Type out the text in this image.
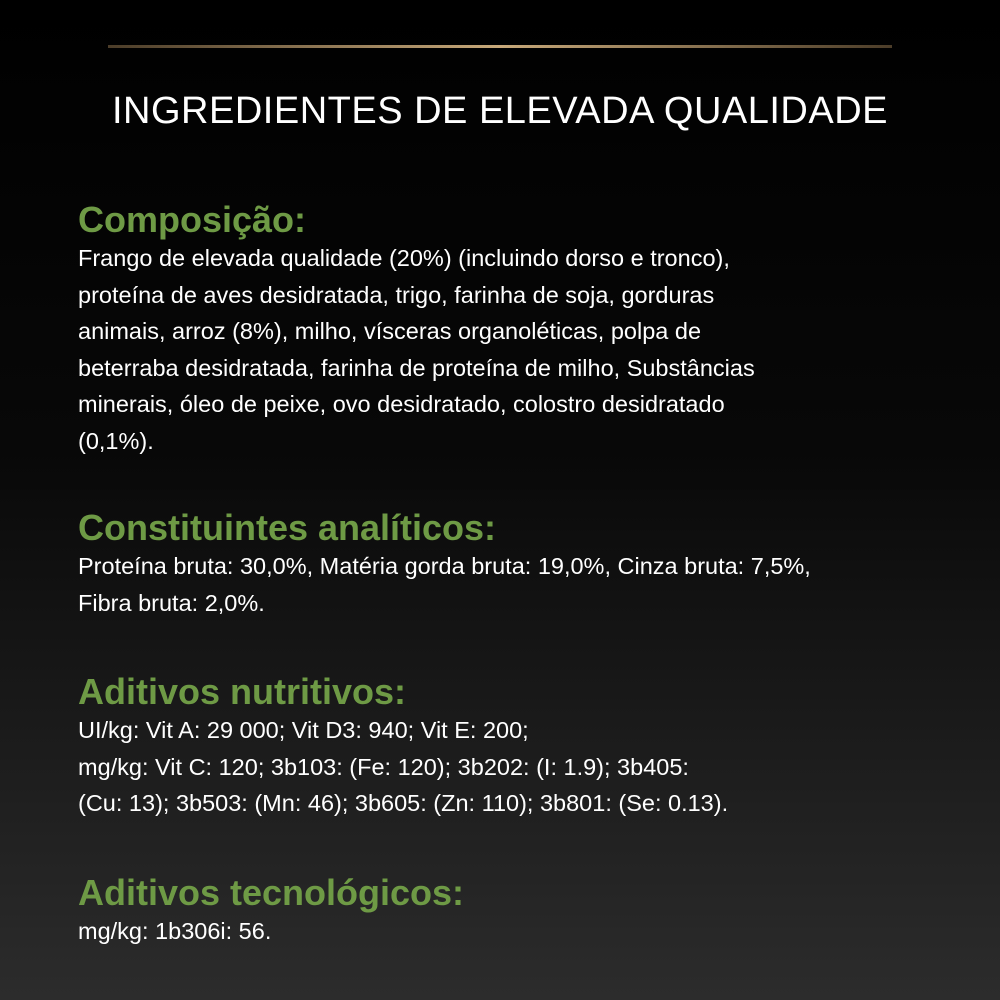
INGREDIENTES DE ELEVADA QUALIDADE
Composição:
Frango de elevada qualidade (20%) (incluindo dorso e tronco),
proteína de aves desidratada, trigo, farinha de soja, gorduras
animais, arroz (8%), milho, vísceras organoléticas, polpa de
beterraba desidratada, farinha de proteína de milho, Substâncias
minerais, óleo de peixe, ovo desidratado, colostro desidratado
(0,1%).
Constituintes analíticos:
Proteína bruta: 30,0%, Matéria gorda bruta: 19,0%, Cinza bruta: 7,5%,
Fibra bruta: 2,0%.
Aditivos nutritivos:
UI/kg: Vit A: 29 000; Vit D3: 940; Vit E: 200;
mg/kg: Vit C: 120; 3b103: (Fe: 120); 3b202: (I: 1.9); 3b405:
(Cu: 13); 3b503: (Mn: 46); 3b605: (Zn: 110); 3b801: (Se: 0.13).
Aditivos tecnológicos:
mg/kg: 1b306i: 56.
